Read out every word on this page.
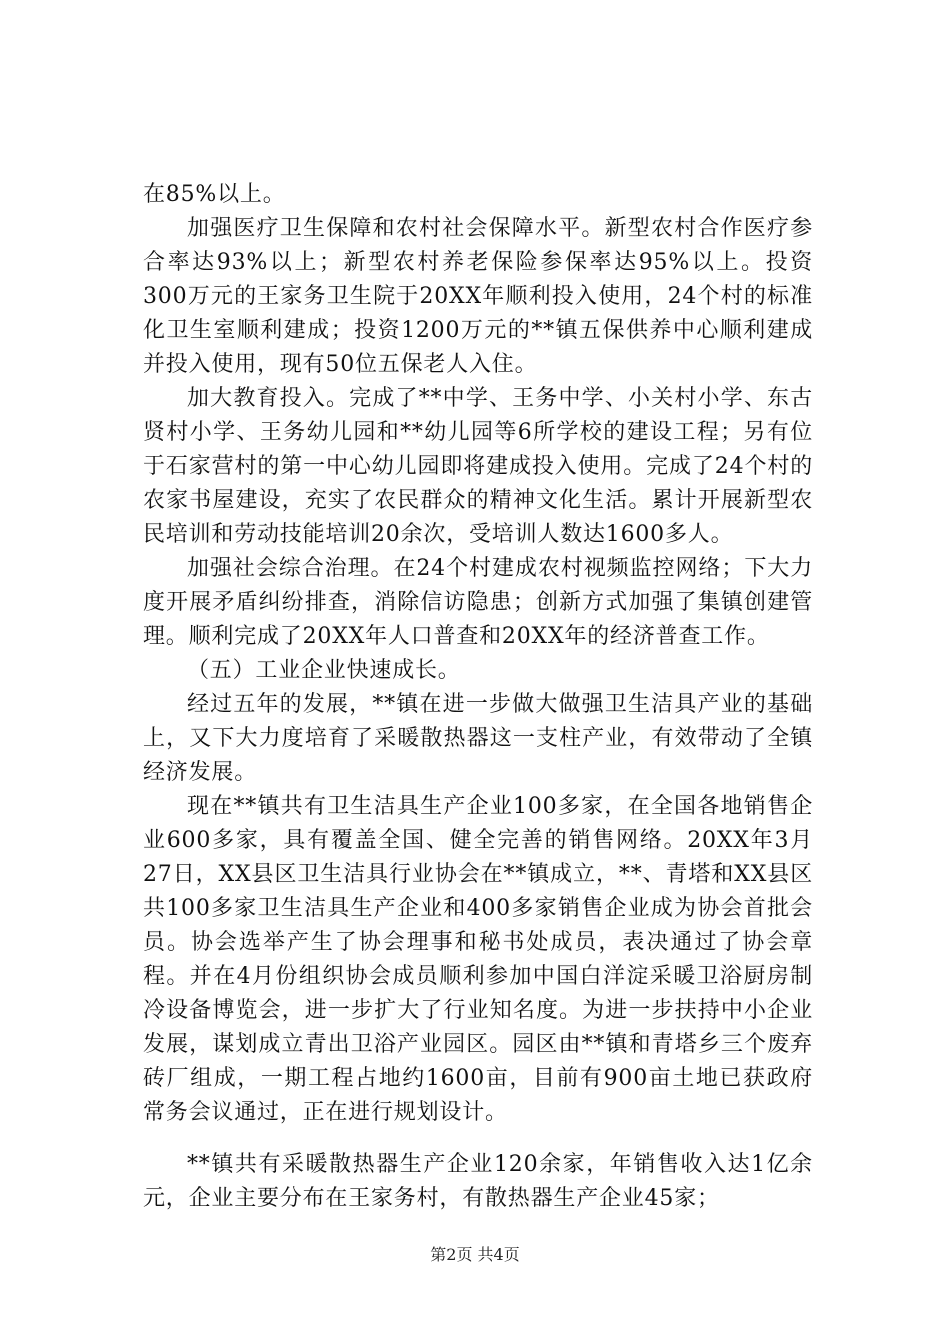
在85%以上。

加强医疗卫生保障和农村社会保障水平。新型农村合作医疗参合率达93%以上；新型农村养老保险参保率达95%以上。投资300万元的王家务卫生院于20XX年顺利投入使用，24个村的标准化卫生室顺利建成；投资1200万元的**镇五保供养中心顺利建成并投入使用，现有50位五保老人入住。

加大教育投入。完成了**中学、王务中学、小关村小学、东古贤村小学、王务幼儿园和**幼儿园等6所学校的建设工程；另有位于石家营村的第一中心幼儿园即将建成投入使用。完成了24个村的农家书屋建设，充实了农民群众的精神文化生活。累计开展新型农民培训和劳动技能培训20余次，受培训人数达1600多人。

加强社会综合治理。在24个村建成农村视频监控网络；下大力度开展矛盾纠纷排查，消除信访隐患；创新方式加强了集镇创建管理。顺利完成了20XX年人口普查和20XX年的经济普查工作。

（五）工业企业快速成长。

经过五年的发展，**镇在进一步做大做强卫生洁具产业的基础上，又下大力度培育了采暖散热器这一支柱产业，有效带动了全镇经济发展。

现在**镇共有卫生洁具生产企业100多家，在全国各地销售企业600多家，具有覆盖全国、健全完善的销售网络。20XX年3月27日，XX县区卫生洁具行业协会在**镇成立，**、青塔和XX县区共100多家卫生洁具生产企业和400多家销售企业成为协会首批会员。协会选举产生了协会理事和秘书处成员，表决通过了协会章程。并在4月份组织协会成员顺利参加中国白洋淀采暖卫浴厨房制冷设备博览会，进一步扩大了行业知名度。为进一步扶持中小企业发展，谋划成立青出卫浴产业园区。园区由**镇和青塔乡三个废弃砖厂组成，一期工程占地约1600亩，目前有900亩土地已获政府常务会议通过，正在进行规划设计。

**镇共有采暖散热器生产企业120余家，年销售收入达1亿余元，企业主要分布在王家务村，有散热器生产企业45家；

第2页 共4页
